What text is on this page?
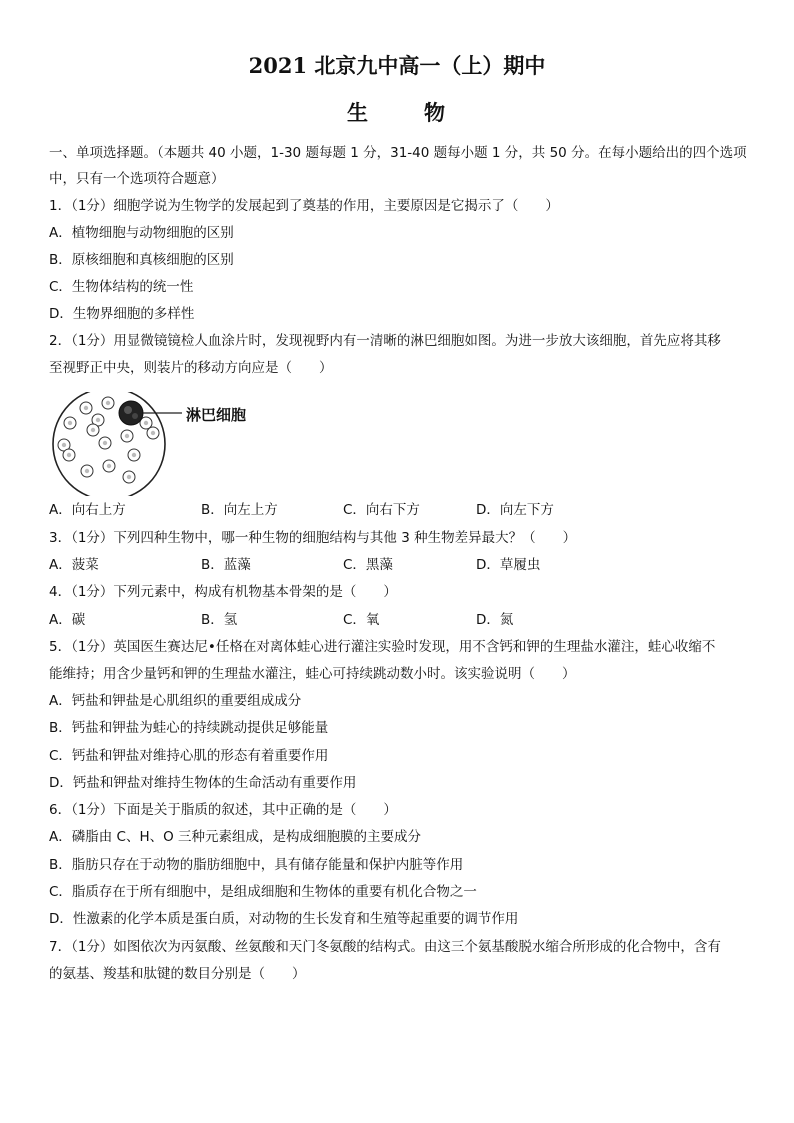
2021 北京九中高一（上）期中
生	物
一、单项选择题。（本题共 40 小题，1-30 题每题 1 分，31-40 题每小题 1 分，共 50 分。在每小题给出的四个选项
中，只有一个选项符合题意）
1．（1分）细胞学说为生物学的发展起到了奠基的作用，主要原因是它揭示了（　　）
A．植物细胞与动物细胞的区别
B．原核细胞和真核细胞的区别
C．生物体结构的统一性
D．生物界细胞的多样性
2．（1分）用显微镜镜检人血涂片时，发现视野内有一清晰的淋巴细胞如图。为进一步放大该细胞，首先应将其移
至视野正中央，则装片的移动方向应是（　　）
淋巴细胞
A．向右上方	B．向左上方	C．向右下方	D．向左下方
3．（1分）下列四种生物中，哪一种生物的细胞结构与其他 3 种生物差异最大？（　　）
A．菠菜	B．蓝藻	C．黑藻	D．草履虫
4．（1分）下列元素中，构成有机物基本骨架的是（　　）
A．碳	B．氢	C．氧	D．氮
5．（1分）英国医生赛达尼•任格在对离体蛙心进行灌注实验时发现，用不含钙和钾的生理盐水灌注，蛙心收缩不
能维持；用含少量钙和钾的生理盐水灌注，蛙心可持续跳动数小时。该实验说明（　　）
A．钙盐和钾盐是心肌组织的重要组成成分
B．钙盐和钾盐为蛙心的持续跳动提供足够能量
C．钙盐和钾盐对维持心肌的形态有着重要作用
D．钙盐和钾盐对维持生物体的生命活动有重要作用
6．（1分）下面是关于脂质的叙述，其中正确的是（　　）
A．磷脂由 C、H、O 三种元素组成，是构成细胞膜的主要成分
B．脂肪只存在于动物的脂肪细胞中，具有储存能量和保护内脏等作用
C．脂质存在于所有细胞中，是组成细胞和生物体的重要有机化合物之一
D．性激素的化学本质是蛋白质，对动物的生长发育和生殖等起重要的调节作用
7．（1分）如图依次为丙氨酸、丝氨酸和天门冬氨酸的结构式。由这三个氨基酸脱水缩合所形成的化合物中，含有
的氨基、羧基和肽键的数目分别是（　　）
